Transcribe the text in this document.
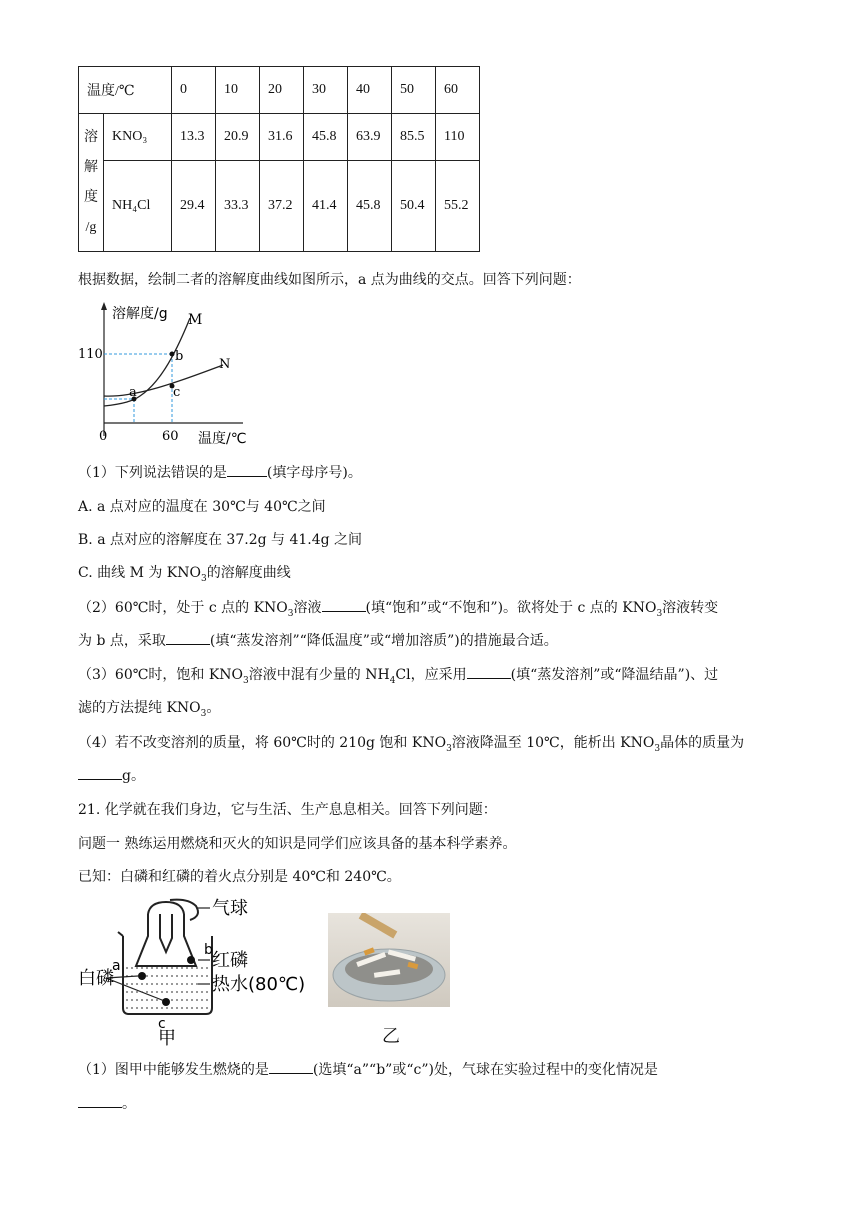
温度/℃		0	10	20	30	40	50	60

溶
解
度
/g	KNO₃	13.3	20.9	31.6	45.8	63.9	85.5	110
	NH₄Cl	29.4	33.3	37.2	41.4	45.8	50.4	55.2
根据数据，绘制二者的溶解度曲线如图所示，a 点为曲线的交点。回答下列问题：
溶解度/g M
N
110	b
c
a
0	60 温度/℃
（1）下列说法错误的是	(填字母序号)。
A. a 点对应的温度在 30℃与 40℃之间
B. a 点对应的溶解度在 37.2g 与 41.4g 之间
C. 曲线 M 为 $KNO_3$的溶解度曲线
（2）60℃时，处于 c 点的 $KNO_3$溶液	(填“饱和”或“不饱和”)。欲将处于 c 点的 $KNO_3$溶液转变
为 b 点，采取	(填“蒸发溶剂”“降低温度”或“增加溶质”)的措施最合适。
（3）60℃时，饱和 $KNO_3$溶液中混有少量的 $NH_4Cl$，应采用	(填“蒸发溶剂”或“降温结晶”)、过
滤的方法提纯 $KNO_3$。
（4）若不改变溶剂的质量，将 60℃时的 210g 饱和 $KNO_3$溶液降温至 10℃，能析出 $KNO_3$晶体的质量为
g。
21. 化学就在我们身边，它与生活、生产息息相关。回答下列问题：
问题一 熟练运用燃烧和灭火的知识是同学们应该具备的基本科学素养。
已知：白磷和红磷的着火点分别是 40℃和 240℃。
气球
红磷
热水(80℃)
白磷
a
b
c
甲	乙
（1）图甲中能够发生燃烧的是	(选填“a”“b”或“c”)处，气球在实验过程中的变化情况是
。
